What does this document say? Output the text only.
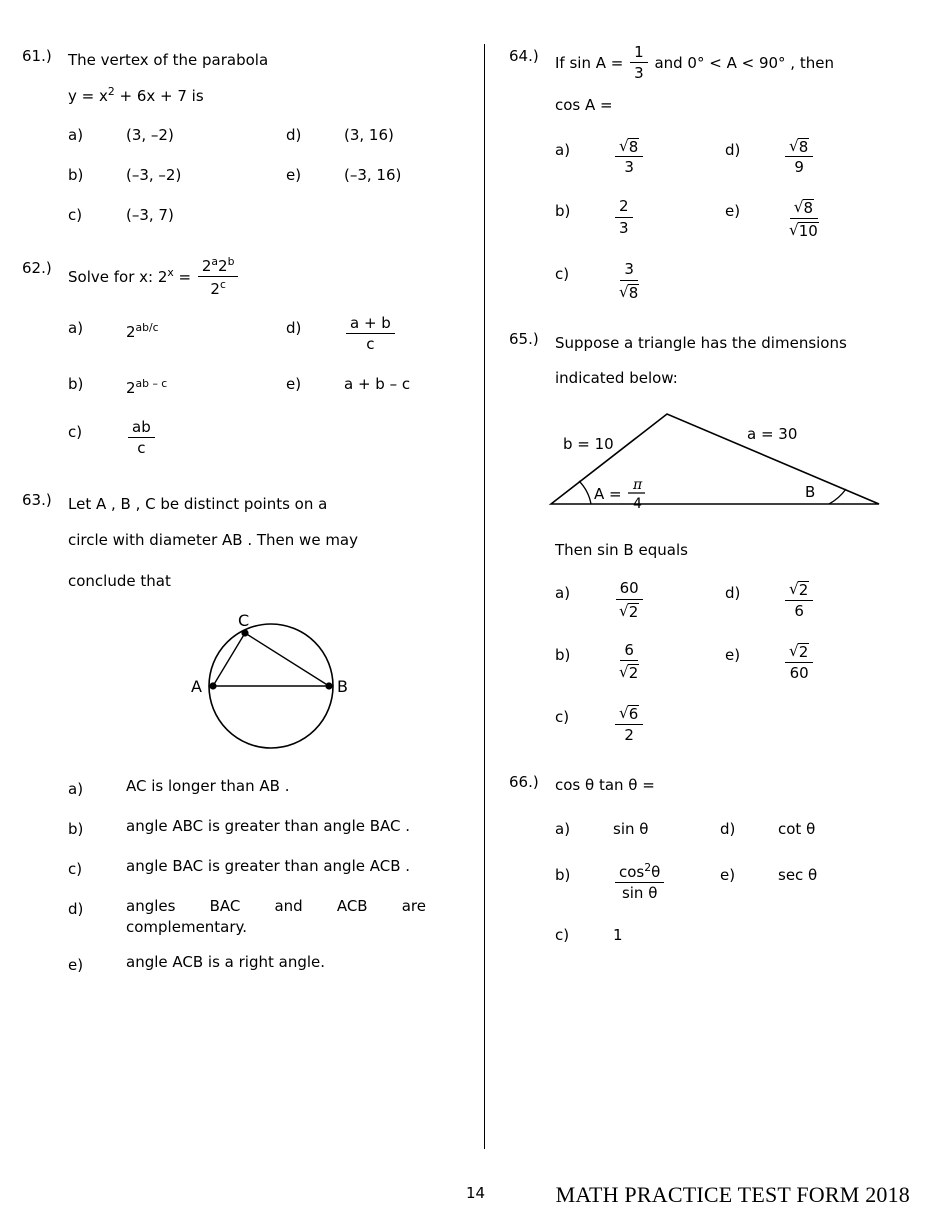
61.)	The vertex of the parabola
$y = x^2 + 6x + 7$ is
a)	(3, –2)	d)	(3, 16)
b)	(–3, –2)	e)	(–3, 16)
c)	(–3, 7)
62.)	Solve for x: $2^x = \frac{2^a2^b}{2^c}$
a)	$2^{ab/c}$	d)	$\frac{a + b}{c}$
b)	$2^{ab - c}$	e)	a + b – c
c)	$\frac{ab}{c}$
63.)	Let A , B , C be distinct points on a
circle with diameter AB . Then we may
conclude that
A	B
C
a)	AC is longer than AB .
b)	angle ABC is greater than angle BAC .
c)	angle BAC is greater than angle ACB .
d)	angles BAC and ACB are complementary.
e)	angle ACB is a right angle.
64.)	If $\sin A = \frac{1}{3}$ and 0° < A < 90° , then
cos A =
a)	$\frac{√8}{3}$	d)	$\frac{√8}{9}$
b)	$\frac{2}{3}$	e)	$\frac{√8}{√10}$
c)	$\frac{3}{√8}$
65.)	Suppose a triangle has the dimensions
indicated below:
b = 10
a = 30
A = π
4
B
Then sin B equals
a)	$\frac{60}{√2}$	d)	$\frac{√2}{6}$
b)	$\frac{6}{√2}$	e)	$\frac{√2}{60}$
c)	$\frac{√6}{2}$
66.)	cos θ tan θ =
a)	sin θ	d)	cot θ
b)	$\frac{\cos^2\theta}{\text{sin θ}}$	e)	sec θ
c)	1
14	MATH PRACTICE TEST FORM 2018
